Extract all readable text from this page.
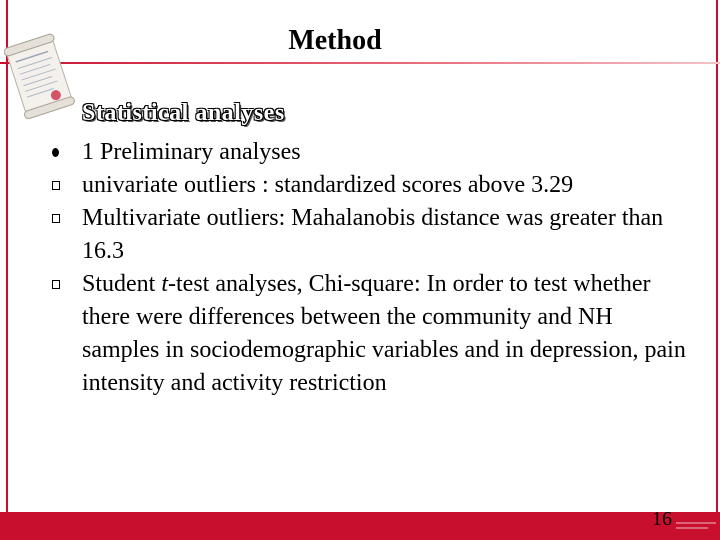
Method
Statistical analyses
1 Preliminary analyses
univariate outliers : standardized scores above 3.29
Multivariate outliers: Mahalanobis distance was greater than 16.3
Student t-test analyses, Chi-square: In order to test whether there were differences between the community and NH samples in sociodemographic variables and in depression, pain intensity and activity restriction
16
